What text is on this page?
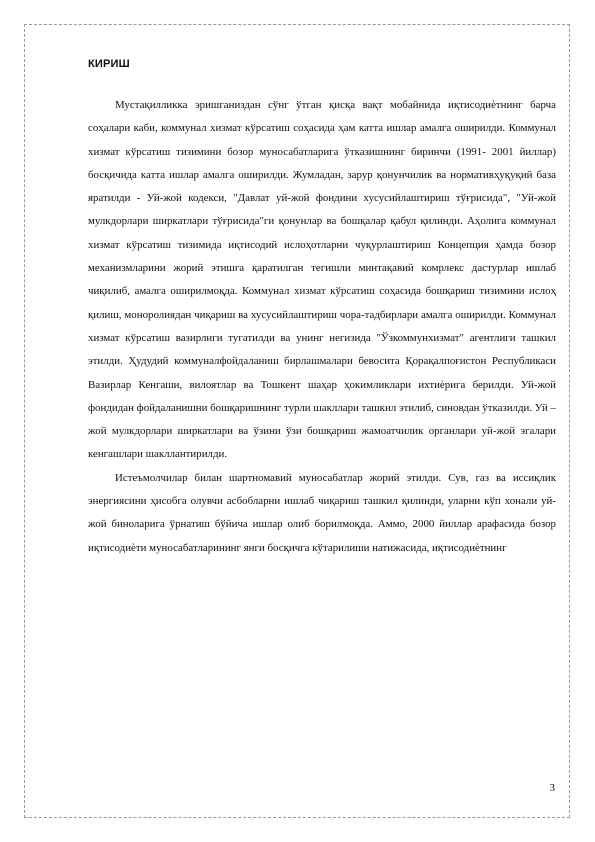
КИРИШ

Мустақилликка эришганиздан сўнг ўтган қисқа вақт мобайнида иқтисодиѐтнинг барча соҳалари каби, коммунал хизмат кўрсатиш соҳасида ҳам катта ишлар амалга оширилди. Коммунал хизмат кўрсатиш тизимини бозор муносабатларига ўтказишнинг биринчи (1991- 2001 йиллар) босқичида катта ишлар амалга оширилди. Жумладан, зарур қонунчилик ва нормативҳуқуқий база яратилди - Уй-жой кодекси, "Давлат уй-жой фондини хусусийлаштириш тўғрисида", "Уй-жой мулкдорлари ширкатлари тўғрисида"ги қонунлар ва бошқалар қабул қилинди. Аҳолига коммунал хизмат кўрсатиш тизимида иқтисодий ислоҳотларни чуқурлаштириш Концепция ҳамда бозор механизмларини жорий этишга қаратилган тегишли минтақавий комрлекс дастурлар ишлаб чиқилиб, амалга оширилмоқда. Коммунал хизмат кўрсатиш соҳасида бошқариш тизимини ислоҳ қилиш, моноролиядан чиқариш ва хусусийлаштириш чора-тадбирлари амалга оширилди. Коммунал хизмат кўрсатиш вазирлиги тугатилди ва унинг негизида "Ўзкоммунхизмат" агентлиги ташкил этилди. Ҳудудий коммуналфойдаланиш бирлашмалари бевосита Қорақалпоғистон Республикаси Вазирлар Кенгаши, вилоятлар ва Тошкент шаҳар ҳокимликлари ихтиѐрига берилди. Уй-жой фондидан фойдаланишни бошқаришнинг турли шакллари ташкил этилиб, синовдан ўтказилди. Уй – жой мулкдорлари ширкатлари ва ўзини ўзи бошқариш жамоатчилик органлари уй-жой эгалари кенгашлари шакллантирилди.

Истеъмолчилар билан шартномавий муносабатлар жорий этилди. Сув, газ ва иссиқлик энергиясини ҳисобга олувчи асбобларни ишлаб чиқариш ташкил қилинди, уларни кўп хонали уй-жой биноларига ўрнатиш бўйича ишлар олиб борилмоқда. Аммо, 2000 йиллар арафасида бозор иқтисодиѐти муносабатларининг янги босқичга кўтарилиши натижасида, иқтисодиѐтнинг

3
